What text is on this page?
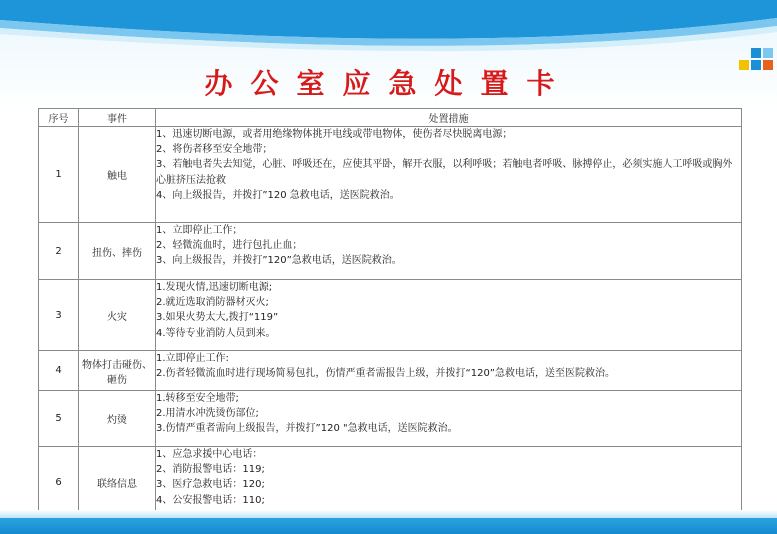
办公室应急处置卡
序号	事件	处置措施
1	触电	1、迅速切断电源，或者用绝缘物体挑开电线或带电物体，使伤者尽快脱离电源；
2、将伤者移至安全地带；
3、若触电者失去知觉，心脏、呼吸还在，应使其平卧，解开衣服，以利呼吸；若触电者呼吸、脉搏停止，必须实施人工呼吸或胸外心脏挤压法抢救
4、向上级报告，并拨打”120 急救电话，送医院救治。

2	扭伤、摔伤	1、立即停止工作；
2、轻微流血时，进行包扎止血；
3、向上级报告，并拨打”120”急救电话，送医院救治。

3	火灾	1.发现火情,迅速切断电源;
2.就近选取消防器材灭火;
3.如果火势太大,拨打“119”
4.等待专业消防人员到来。

4	物体打击碰伤、砸伤	1.立即停止工作:
2.伤者轻微流血时进行现场简易包扎，伤情严重者需报告上级，并拨打“120”急救电话，送至医院救治。

5	灼烫	1.转移至安全地带;
2.用清水冲洗烫伤部位;
3.伤情严重者需向上级报告，并拨打”120 "急救电话，送医院救治。

6	联络信息	1、应急求援中心电话：
2、消防报警电话：119;
3、医疗急救电话：120;
4、公安报警电话：110;
